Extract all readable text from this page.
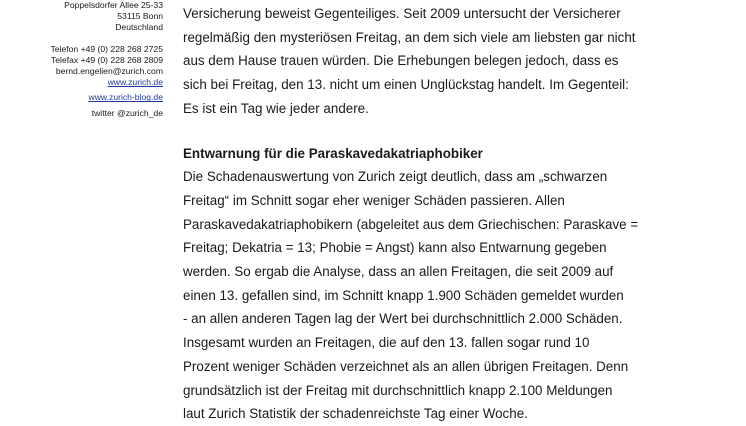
Poppelsdorfer Allee 25-33
53115 Bonn
Deutschland
Telefon +49 (0) 228 268 2725
Telefax +49 (0) 228 268 2809
bernd.engelien@zurich.com
www.zurich.de
www.zurich-blog.de
twitter @zurich_de

Versicherung beweist Gegenteiliges. Seit 2009 untersucht der Versicherer
regelmäßig den mysteriösen Freitag, an dem sich viele am liebsten gar nicht
aus dem Hause trauen würden. Die Erhebungen belegen jedoch, dass es
sich bei Freitag, den 13. nicht um einen Unglückstag handelt. Im Gegenteil:
Es ist ein Tag wie jeder andere.

Entwarnung für die Paraskavedakatriaphobiker

Die Schadenauswertung von Zurich zeigt deutlich, dass am „schwarzen
Freitag“ im Schnitt sogar eher weniger Schäden passieren. Allen
Paraskavedakatriaphobikern (abgeleitet aus dem Griechischen: Paraskave =
Freitag; Dekatria = 13; Phobie = Angst) kann also Entwarnung gegeben
werden. So ergab die Analyse, dass an allen Freitagen, die seit 2009 auf
einen 13. gefallen sind, im Schnitt knapp 1.900 Schäden gemeldet wurden
- an allen anderen Tagen lag der Wert bei durchschnittlich 2.000 Schäden.
Insgesamt wurden an Freitagen, die auf den 13. fallen sogar rund 10
Prozent weniger Schäden verzeichnet als an allen übrigen Freitagen. Denn
grundsätzlich ist der Freitag mit durchschnittlich knapp 2.100 Meldungen
laut Zurich Statistik der schadenreichste Tag einer Woche.
